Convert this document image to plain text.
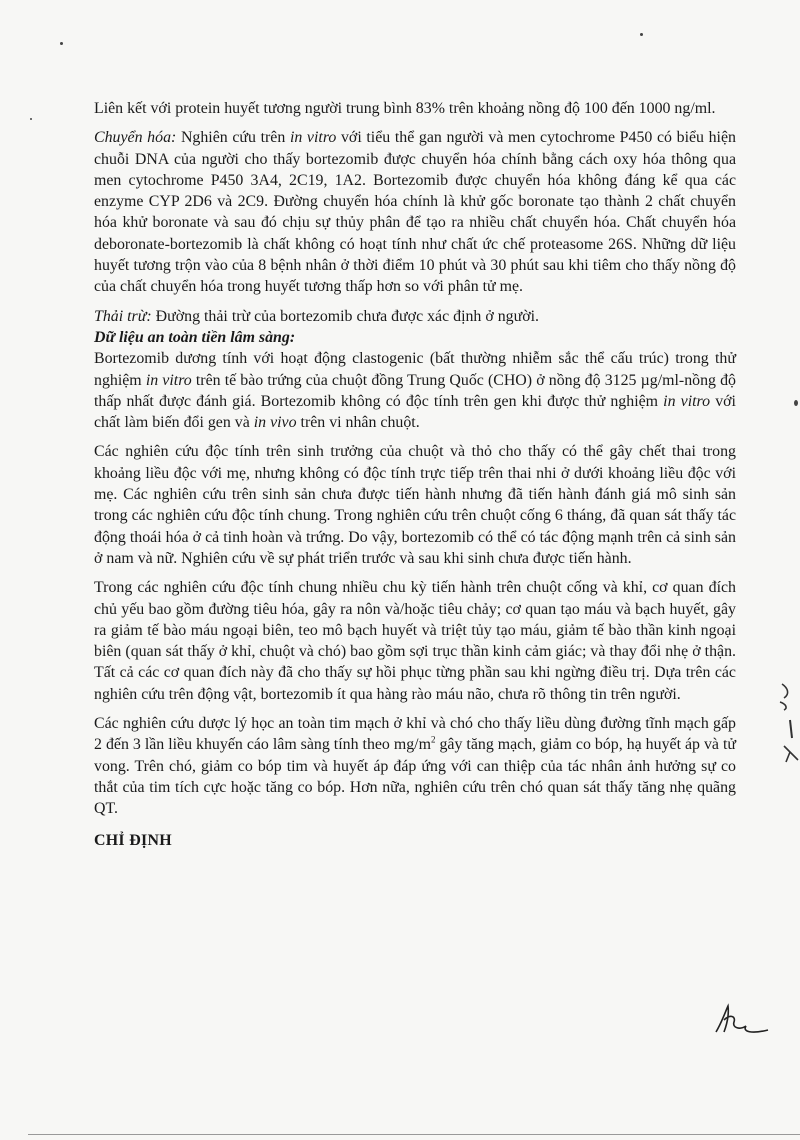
Liên kết với protein huyết tương người trung bình 83% trên khoảng nồng độ 100 đến 1000 ng/ml.

Chuyển hóa: Nghiên cứu trên in vitro với tiểu thể gan người và men cytochrome P450 có biểu hiện chuỗi DNA của người cho thấy bortezomib được chuyển hóa chính bằng cách oxy hóa thông qua men cytochrome P450 3A4, 2C19, 1A2. Bortezomib được chuyển hóa không đáng kể qua các enzyme CYP 2D6 và 2C9. Đường chuyển hóa chính là khử gốc boronate tạo thành 2 chất chuyển hóa khử boronate và sau đó chịu sự thủy phân để tạo ra nhiều chất chuyển hóa. Chất chuyển hóa deboronate-bortezomib là chất không có hoạt tính như chất ức chế proteasome 26S. Những dữ liệu huyết tương trộn vào của 8 bệnh nhân ở thời điểm 10 phút và 30 phút sau khi tiêm cho thấy nồng độ của chất chuyển hóa trong huyết tương thấp hơn so với phân tử mẹ.

Thải trừ: Đường thải trừ của bortezomib chưa được xác định ở người.

Dữ liệu an toàn tiền lâm sàng:

Bortezomib dương tính với hoạt động clastogenic (bất thường nhiễm sắc thể cấu trúc) trong thử nghiệm in vitro trên tế bào trứng của chuột đồng Trung Quốc (CHO) ở nồng độ 3125 µg/ml-nồng độ thấp nhất được đánh giá. Bortezomib không có độc tính trên gen khi được thử nghiệm in vitro với chất làm biến đổi gen và in vivo trên vi nhân chuột.

Các nghiên cứu độc tính trên sinh trưởng của chuột và thỏ cho thấy có thể gây chết thai trong khoảng liều độc với mẹ, nhưng không có độc tính trực tiếp trên thai nhi ở dưới khoảng liều độc với mẹ. Các nghiên cứu trên sinh sản chưa được tiến hành nhưng đã tiến hành đánh giá mô sinh sản trong các nghiên cứu độc tính chung. Trong nghiên cứu trên chuột cống 6 tháng, đã quan sát thấy tác động thoái hóa ở cả tinh hoàn và trứng. Do vậy, bortezomib có thể có tác động mạnh trên cả sinh sản ở nam và nữ. Nghiên cứu về sự phát triển trước và sau khi sinh chưa được tiến hành.

Trong các nghiên cứu độc tính chung nhiều chu kỳ tiến hành trên chuột cống và khỉ, cơ quan đích chủ yếu bao gồm đường tiêu hóa, gây ra nôn và/hoặc tiêu chảy; cơ quan tạo máu và bạch huyết, gây ra giảm tế bào máu ngoại biên, teo mô bạch huyết và triệt tủy tạo máu, giảm tế bào thần kinh ngoại biên (quan sát thấy ở khỉ, chuột và chó) bao gồm sợi trục thần kinh cảm giác; và thay đổi nhẹ ở thận. Tất cả các cơ quan đích này đã cho thấy sự hồi phục từng phần sau khi ngừng điều trị. Dựa trên các nghiên cứu trên động vật, bortezomib ít qua hàng rào máu não, chưa rõ thông tin trên người.

Các nghiên cứu dược lý học an toàn tim mạch ở khỉ và chó cho thấy liều dùng đường tĩnh mạch gấp 2 đến 3 lần liều khuyến cáo lâm sàng tính theo $mg/m^2$ gây tăng mạch, giảm co bóp, hạ huyết áp và tử vong. Trên chó, giảm co bóp tim và huyết áp đáp ứng với can thiệp của tác nhân ảnh hưởng sự co thắt của tim tích cực hoặc tăng co bóp. Hơn nữa, nghiên cứu trên chó quan sát thấy tăng nhẹ quãng QT.

CHỈ ĐỊNH
